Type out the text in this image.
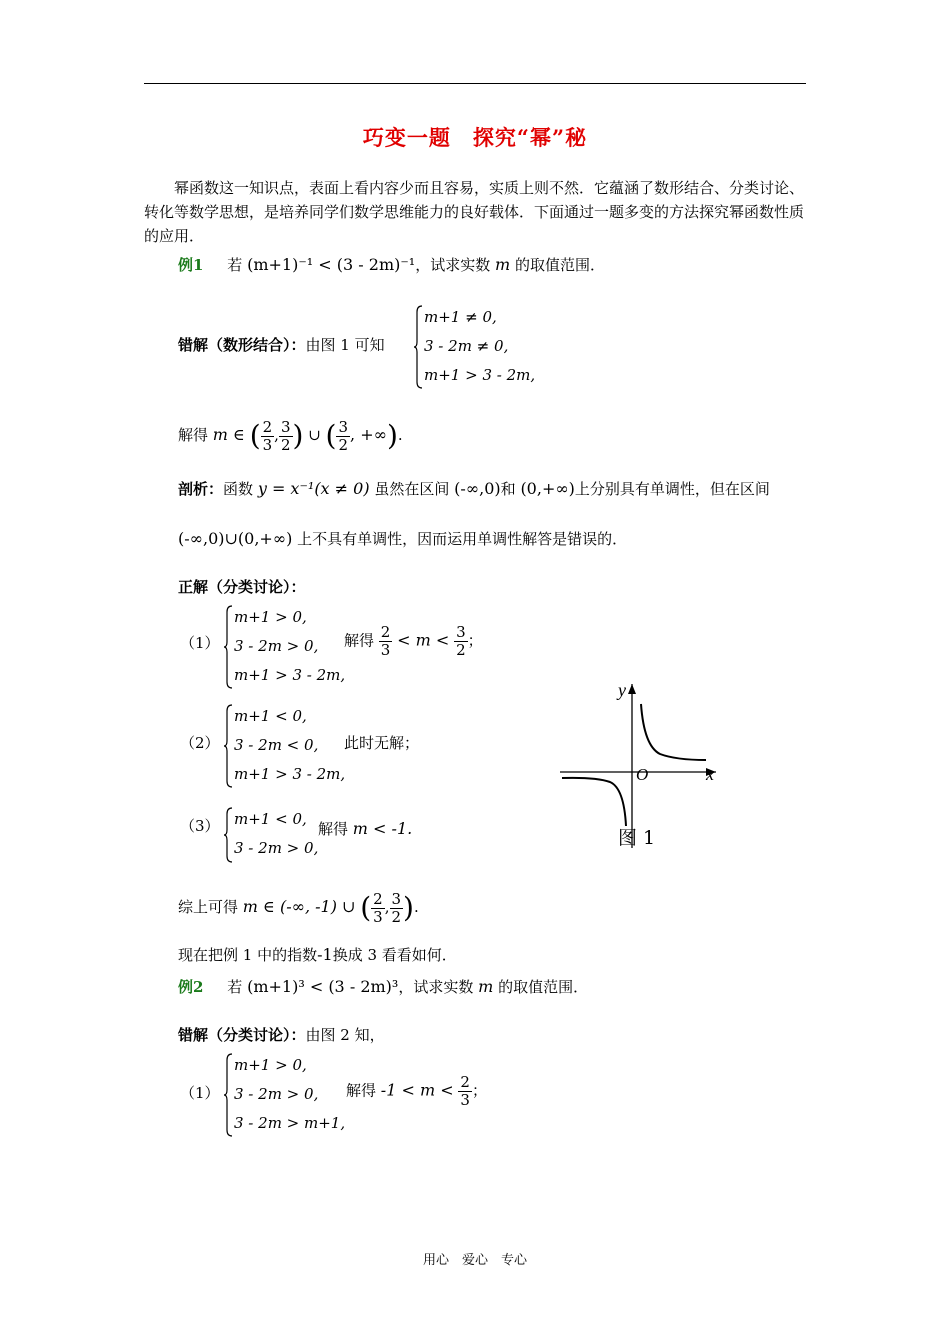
巧变一题　探究“幂”秘
幂函数这一知识点，表面上看内容少而且容易，实质上则不然．它蕴涵了数形结合、分类讨论、转化等数学思想，是培养同学们数学思维能力的良好载体．下面通过一题多变的方法探究幂函数性质的应用．
例1 若 (m+1)⁻¹ < (3 - 2m)⁻¹，试求实数 m 的取值范围．
错解（数形结合）：由图 1 可知
m+1 ≠ 0,
3 - 2m ≠ 0,
m+1 > 3 - 2m,
解得 m ∈ ( $\frac{2}{3}$ , $\frac{3}{2}$ ) ∪ ( $\frac{3}{2}$ , +∞).
剖析：函数 y = x⁻¹(x ≠ 0) 虽然在区间 (-∞,0)和 (0,+∞)上分别具有单调性，但在区间
(-∞,0)∪(0,+∞) 上不具有单调性，因而运用单调性解答是错误的．
正解（分类讨论）：
（1）
m+1 > 0,
3 - 2m > 0,
m+1 > 3 - 2m,
解得 $\frac{2}{3} < m < \frac{3}{2}$ ；
（2）
m+1 < 0,
3 - 2m < 0,
m+1 > 3 - 2m,
此时无解；
（3） m+1 < 0,
3 - 2m > 0,
解得 m < -1.
y
x
O
图 1
综上可得 m ∈ (-∞, -1) ∪ ( $\frac{2}{3}$ , $\frac{3}{2}$ ).
现在把例 1 中的指数-1换成 3 看看如何．
例2 若 (m+1)³ < (3 - 2m)³，试求实数 m 的取值范围．
错解（分类讨论）：由图 2 知，
（1）
m+1 > 0,
3 - 2m > 0,
3 - 2m > m+1,
解得 $-1 < m < \frac{2}{3}$ ；
用心　爱心　专心
